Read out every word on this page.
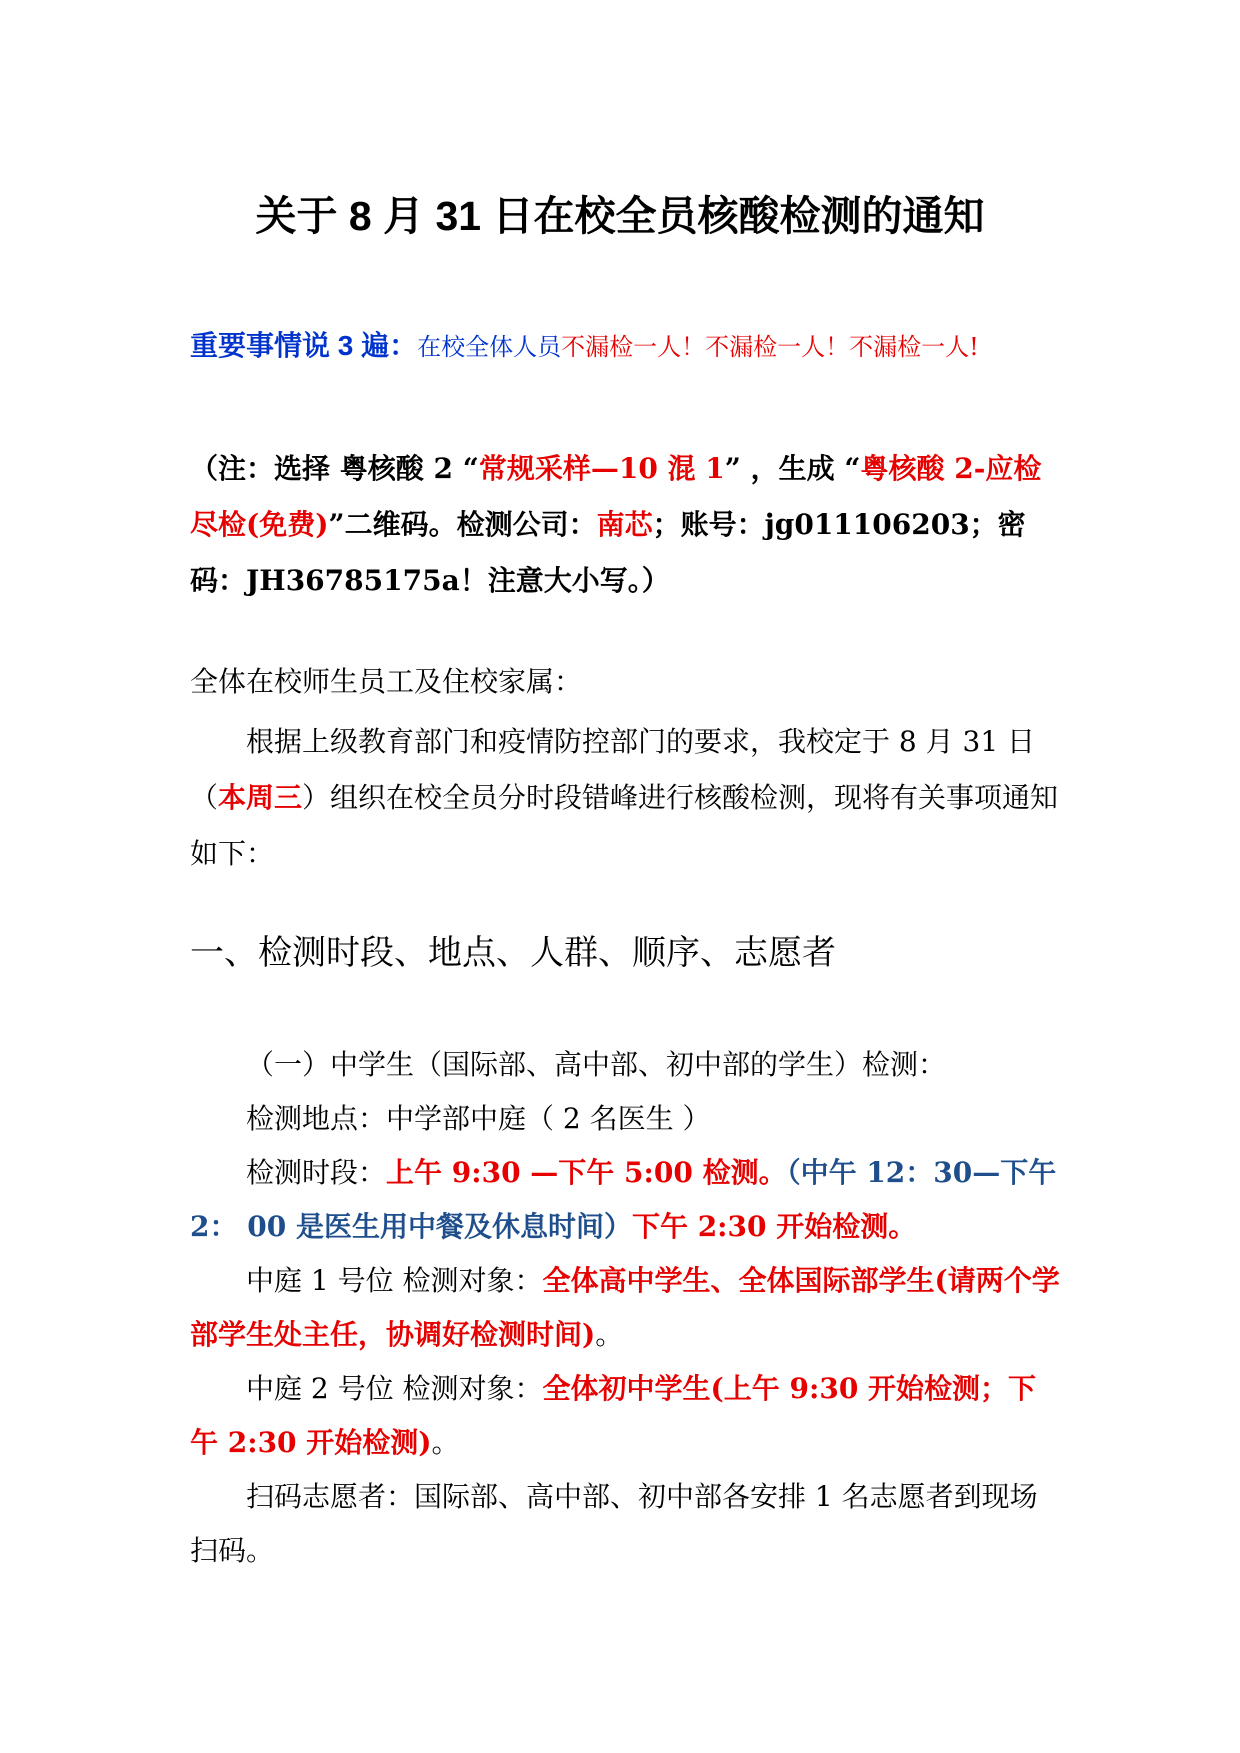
关于 8 月 31 日在校全员核酸检测的通知
重要事情说 3 遍：在校全体人员不漏检一人！不漏检一人！不漏检一人!
（注：选择 粤核酸 2 “常规采样—10 混 1” ，生成 “粤核酸 2-应检尽检(免费)”二维码。检测公司：南芯；账号：jg011106203；密码：JH36785175a！注意大小写。）
全体在校师生员工及住校家属：
根据上级教育部门和疫情防控部门的要求，我校定于 8 月 31 日（本周三）组织在校全员分时段错峰进行核酸检测，现将有关事项通知如下：
一、检测时段、地点、人群、顺序、志愿者

（一）中学生（国际部、高中部、初中部的学生）检测：

检测地点：中学部中庭（ 2 名医生 ）

检测时段：上午 9:30 —下午 5:00 检测。（中午 12：30—下午 2： 00 是医生用中餐及休息时间）下午 2:30 开始检测。

中庭 1 号位 检测对象：全体高中学生、全体国际部学生(请两个学部学生处主任，协调好检测时间)。

中庭 2 号位 检测对象：全体初中学生(上午 9:30 开始检测；下午 2:30 开始检测)。

扫码志愿者：国际部、高中部、初中部各安排 1 名志愿者到现场扫码。
